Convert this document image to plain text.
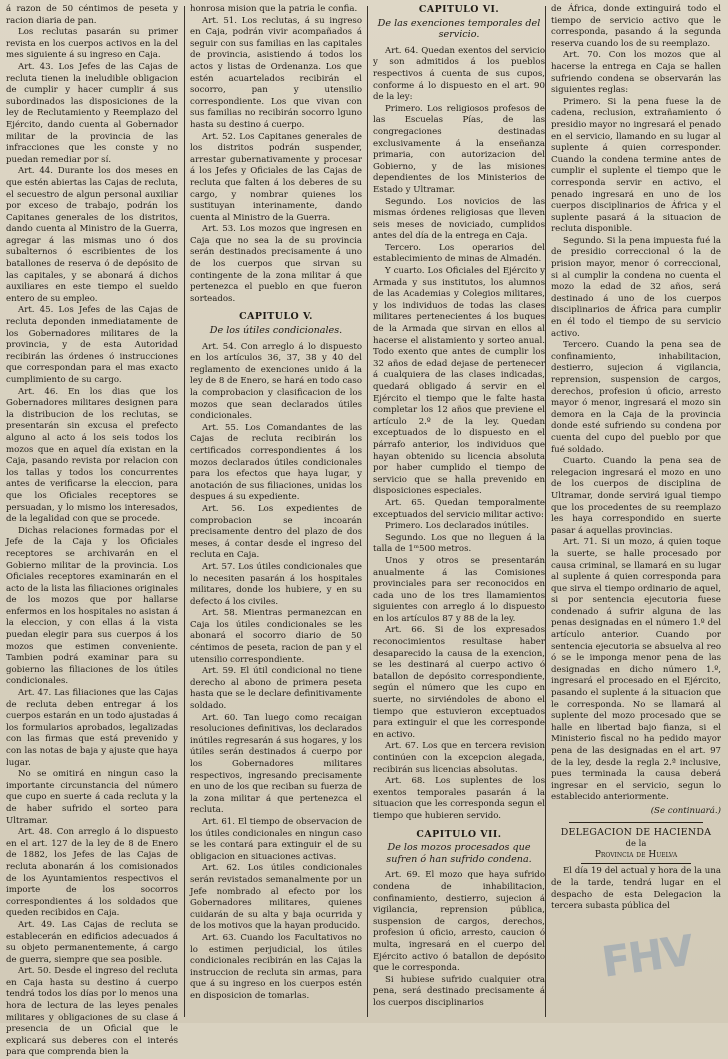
á razon de 50 céntimos de peseta y racion diaria de pan.

Los reclutas pasarán su primer revista en los cuerpos activos en la del mes siguiente á su ingreso en Caja.

Art. 43. Los Jefes de las Cajas de recluta tienen la ineludible obligacion de cumplir y hacer cumplir á sus subordinados las disposiciones de la ley de Reclutamiento y Reemplazo del Ejército, dando cuenta al Gobernador militar de la provincia de las infracciones que les conste y no puedan remediar por sí.

Art. 44. Durante los dos meses en que estén abiertas las Cajas de recluta, el secuestro de algun personal auxiliar por exceso de trabajo, podrán los Capitanes generales de los distritos, dando cuenta al Ministro de la Guerra, agregar á las mismas uno ó dos subalternos ó escribientes de los batallones de reserva ó de depósito de las capitales, y se abonará á dichos auxiliares en este tiempo el sueldo entero de su empleo.

Art. 45. Los Jefes de las Cajas de recluta deponden inmediatamente de los Gobernadores militares de la provincia, y de esta Autoridad recibirán las órdenes ó instrucciones que correspondan para el mas exacto cumplimiento de su cargo.

Art. 46. En los dias que los Gobernadores militares designen para la distribucion de los reclutas, se presentarán sin excusa el prefecto alguno al acto á los seis todos los mozos que en aquel día existan en la Caja, pasando revista por relacion con los tallas y todos los concurrentes antes de verificarse la eleccion, para que los Oficiales receptores se persuadan, y lo mismo los interesados, de la legalidad con que se procede.

Dichas relaciones formadas por el Jefe de la Caja y los Oficiales receptores se archivarán en el Gobierno militar de la provincia. Los Oficiales receptores examinarán en el acto de la lista las filiaciones originales de los mozos que por hallarse enfermos en los hospitales no asistan á la eleccion, y con ellas á la vista puedan elegir para sus cuerpos á los mozos que estimen conveniente. Tambien podrá examinar para su gobierno las filiaciones de los útiles condicionales.

Art. 47. Las filiaciones que las Cajas de recluta deben entregar á los cuerpos estarán en un todo ajustadas á los formularios aprobados, legalizadas con las firmas que está prevenido y con las notas de baja y ajuste que haya lugar.

No se omitirá en ningun caso la importante circunstancia del número que cupo en suerte á cada recluta y la de haber sufrido el sorteo para Ultramar.

Art. 48. Con arreglo á lo dispuesto en el art. 127 de la ley de 8 de Enero de 1882, los Jefes de las Cajas de recluta abonarán á los comisionados de los Ayuntamientos respectivos el importe de los socorros correspondientes á los soldados que queden recibidos en Caja.

Art. 49. Las Cajas de recluta se establecerán en edificios adecuados á su objeto permanentemente, á cargo de guerra, siempre que sea posible.

Art. 50. Desde el ingreso del recluta en Caja hasta su destino á cuerpo tendrá todos los días por lo menos una hora de lectura de las leyes penales militares y obligaciones de su clase á presencia de un Oficial que le explicará sus deberes con el interés para que comprenda bien la

honrosa mision que la patria le confia.

Art. 51. Los reclutas, á su ingreso en Caja, podrán vivir acompañados á seguir con sus familias en las capitales de provincia, asistiendo á todos los actos y listas de Ordenanza. Los que estén acuartelados recibirán el socorro, pan y utensilio correspondiente. Los que vivan con sus familias no recibirán socorro lguno hasta su destino á cuerpo.

Art. 52. Los Capitanes generales de los distritos podrán suspender, arrestar gubernativamente y procesar á los Jefes y Oficiales de las Cajas de recluta que falten á los deberes de su cargo, y nombrar quienes los sustituyan interinamente, dando cuenta al Ministro de la Guerra.

Art. 53. Los mozos que ingresen en Caja que no sea la de su provincia serán destinados precisamente á uno de los cuerpos que sirvan su contingente de la zona militar á que pertenezca el pueblo en que fueron sorteados.

CAPITULO V.
De los útiles condicionales.

Art. 54. Con arreglo á lo dispuesto en los artículos 36, 37, 38 y 40 del reglamento de exenciones unido á la ley de 8 de Enero, se hará en todo caso la comprobacion y clasificacion de los mozos que sean declarados útiles condicionales.

Art. 55. Los Comandantes de las Cajas de recluta recibirán los certificados correspondientes á los mozos declarados útiles condicionales para los efectos que haya lugar, y anotación de sus filiaciones, unidas los despues á su expediente.

Art. 56. Los expedientes de comprobacion se incoarán precisamente dentro del plazo de dos meses, á contar desde el ingreso del recluta en Caja.

Art. 57. Los útiles condicionales que lo necesiten pasarán á los hospitales militares, donde los hubiere, y en su defecto á los civiles.

Art. 58. Mientras permanezcan en Caja los útiles condicionales se les abonará el socorro diario de 50 céntimos de peseta, racion de pan y el utensilio correspondiente.

Art. 59. El útil condicional no tiene derecho al abono de primera peseta hasta que se le declare definitivamente soldado.

Art. 60. Tan luego como recaigan resoluciones definitivas, los declarados inútiles regresarán á sus hogares, y los útiles serán destinados á cuerpo por los Gobernadores militares respectivos, ingresando precisamente en uno de los que reciban su fuerza de la zona militar á que pertenezca el recluta.

Art. 61. El tiempo de observacion de los útiles condicionales en ningun caso se les contará para extinguir el de su obligacion en situaciones activas.

Art. 62. Los útiles condicionales serán revistados semanalmente por un Jefe nombrado al efecto por los Gobernadores militares, quienes cuidarán de su alta y baja ocurrida y de los motivos que la hayan producido.

Art. 63. Cuando los Facultativos no lo estimen perjudicial, los útiles condicionales recibirán en las Cajas la instruccion de recluta sin armas, para que á su ingreso en los cuerpos estén en disposicion de tomarlas.

CAPITULO VI.
De las exenciones temporales del servicio.

Art. 64. Quedan exentos del servicio y son admitidos á los pueblos respectivos á cuenta de sus cupos, conforme á lo dispuesto en el art. 90 de la ley:

Primero. Los religiosos profesos de las Escuelas Pías, de las congregaciones destinadas exclusivamente á la enseñanza primaria, con autorizacion del Gobierno, y de las misiones dependientes de los Ministerios de Estado y Ultramar.

Segundo. Los novicios de las mismas órdenes religiosas que lleven seis meses de noviciado, cumplidos antes del día de la entrega en Caja.

Tercero. Los operarios del establecimiento de minas de Almadén.

Y cuarto. Los Oficiales del Ejército y Armada y sus institutos, los alumnos de las Academias y Colegios militares, y los individuos de todas las clases militares pertenecientes á los buques de la Armada que sirvan en ellos al hacerse el alistamiento y sorteo anual. Todo exento que antes de cumplir los 32 años de edad dejase de pertenecer á cualquiera de las clases indicadas, quedará obligado á servir en el Ejército el tiempo que le falte hasta completar los 12 años que previene el artículo 2.º de la ley. Quedan exceptuados de lo dispuesto en el párrafo anterior, los individuos que hayan obtenido su licencia absoluta por haber cumplido el tiempo de servicio que se halla prevenido en disposiciones especiales.

Art. 65. Quedan temporalmente exceptuados del servicio militar activo:

Primero. Los declarados inútiles.

Segundo. Los que no lleguen á la talla de 1ᵐ500 metros.

Unos y otros se presentarán anualmente á las Comisiones provinciales para ser reconocidos en cada uno de los tres llamamientos siguientes con arreglo á lo dispuesto en los artículos 87 y 88 de la ley.

Art. 66. Si de los expresados reconocimientos resultase haber desaparecido la causa de la exencion, se les destinará al cuerpo activo ó batallon de depósito correspondiente, según el número que les cupo en suerte, no sirviéndoles de abono el tiempo que estuvieron exceptuados para extinguir el que les corresponde en activo.

Art. 67. Los que en tercera revision continúen con la excepcion alegada, recibirán sus licencias absolutas.

Art. 68. Los suplentes de los exentos temporales pasarán á la situacion que les corresponda segun el tiempo que hubieren servido.

CAPITULO VII.
De los mozos procesados que sufren ó han sufrido condena.

Art. 69. El mozo que haya sufrido condena de inhabilitacion, confinamiento, destierro, sujecion á vigilancia, reprension pública, suspension de cargos, derechos, profesion ú oficio, arresto, caucion ó multa, ingresará en el cuerpo del Ejército activo ó batallon de depósito que le corresponda.

Si hubiese sufrido cualquier otra pena, será destinado precisamente á los cuerpos disciplinarios

de África, donde extinguirá todo el tiempo de servicio activo que le corresponda, pasando á la segunda reserva cuando los de su reemplazo.

Art. 70. Con los mozos que al hacerse la entrega en Caja se hallen sufriendo condena se observarán las siguientes reglas:

Primero. Si la pena fuese la de cadena, reclusion, extrañamiento ó presidio mayor no ingresará el penado en el servicio, llamando en su lugar al suplente á quien corresponder. Cuando la condena termine antes de cumplir el suplente el tiempo que le corresponda servir en activo, el penado ingresará en uno de los cuerpos disciplinarios de África y el suplente pasará á la situacion de recluta disponible.

Segundo. Si la pena impuesta fué la de presidio correccional ó la de prision mayor, menor ó correccional, si al cumplir la condena no cuenta el mozo la edad de 32 años, será destinado á uno de los cuerpos disciplinarios de África para cumplir en él todo el tiempo de su servicio activo.

Tercero. Cuando la pena sea de confinamiento, inhabilitacion, destierro, sujecion á vigilancia, reprension, suspension de cargos, derechos, profesion ú oficio, arresto mayor ó menor, ingresará el mozo sin demora en la Caja de la provincia donde esté sufriendo su condena por cuenta del cupo del pueblo por que fué soldado.

Cuarto. Cuando la pena sea de relegacion ingresará el mozo en uno de los cuerpos de disciplina de Ultramar, donde servirá igual tiempo que los procedentes de su reemplazo les haya correspondido en suerte pasar á aquellas provincias.

Art. 71. Si un mozo, á quien toque la suerte, se halle procesado por causa criminal, se llamará en su lugar al suplente á quien corresponda para que sirva el tiempo ordinario de aquel, si por sentencia ejecutoria fuese condenado á sufrir alguna de las penas designadas en el número 1.º del artículo anterior. Cuando por sentencia ejecutoria se absuelva al reo ó se le imponga menor pena de las designadas en dicho número 1.º, ingresará el procesado en el Ejército, pasando el suplente á la situacion que le corresponda. No se llamará al suplente del mozo procesado que se halle en libertad bajo fianza, si el Ministerio fiscal no ha pedido mayor pena de las designadas en el art. 97 de la ley, desde la regla 2.ª inclusive, pues terminada la causa deberá ingresar en el servicio, segun lo establecido anteriormente.

(Se continuará.)

DELEGACION DE HACIENDA
de la
Provincia de Huelva

El día 19 del actual y hora de la una de la tarde, tendrá lugar en el despacho de esta Delegacion la tercera subasta pública del

FHV
